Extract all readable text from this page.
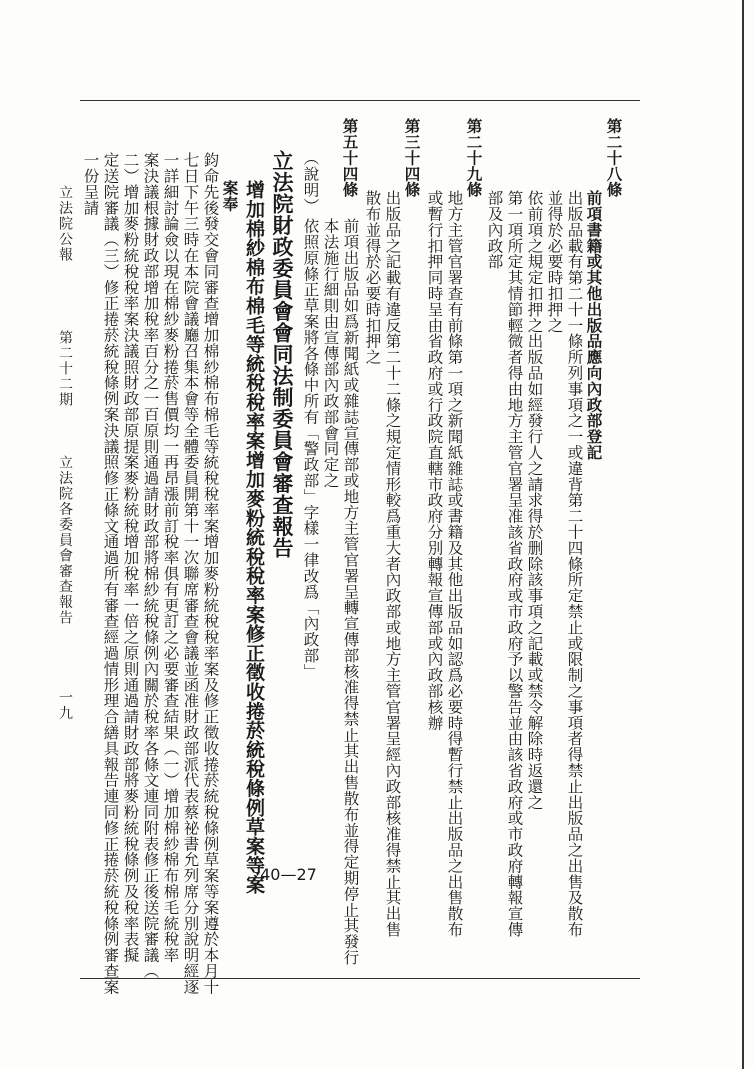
第二十八條
前項書籍或其他出版品應向內政部登記
出版品載有第二十一條所列事項之一或違背第二十四條所定禁止或限制之事項者得禁止出版品之出售及散布
並得於必要時扣押之
依前項之規定扣押之出版品如經發行人之請求得於删除該事項之記載或禁令解除時返還之
第一項所定其情節輕微者得由地方主管官署呈准該省政府或市政府予以警告並由該省政府或市政府轉報宣傳
部及內政部
第二十九條
地方主管官署查有前條第一項之新聞紙雜誌或書籍及其他出版品如認爲必要時得暫行禁止出版品之出售散布
或暫行扣押同時呈由省政府或行政院直轄市政府分別轉報宣傳部或內政部核辦
第三十四條
出版品之記載有違反第二十二條之規定情形較爲重大者內政部或地方主管官署呈經內政部核准得禁止其出售
散布並得於必要時扣押之
第五十四條
前項出版品如爲新聞紙或雜誌宣傳部或地方主管官署呈轉宣傳部核准得禁止其出售散布並得定期停止其發行
本法施行細則由宣傳部內政部會同定之
（說明）
依照原條正草案將各條中所有「警政部」字樣一律改爲「內政部」
立法院財政委員會會同法制委員會審查報告
增加棉紗棉布棉毛等統稅稅率案增加麥粉統稅稅率案修正徵收捲菸統稅條例草案等案
案奉
鈞命先後發交會同審查增加棉紗棉布棉毛等統稅稅率案增加麥粉統稅稅率案及修正徵收捲菸統稅條例草案等案遵於本月十
七日下午三時在本院會議廳召集本會等全體委員開第十一次聯席審查會議並函准財政部派代表蔡祕書允列席分別說明經逐
一詳細討論僉以現在棉紗麥粉捲菸售價均一再昂漲前訂稅率俱有更訂之必要審查結果（一）增加棉紗棉布棉毛統稅率
案決議根據財政部增加稅率百分之一百原則通過請財政部將棉紗統稅條例內關於稅率各條文連同附表修正後送院審議（
二）增加麥粉統稅稅率案決議照財政部原提案麥粉統稅增加稅率一倍之原則通過請財政部將麥粉統稅條例及稅率表擬
定送院審議（三）修正捲菸統稅條例案決議照修正條文通過所有審查經過情形理合繕具報告連同修正捲菸統稅條例審查案
一份呈請
立法院公報
第二十二期
立法院各委員會審查報告
一九
·40—27
